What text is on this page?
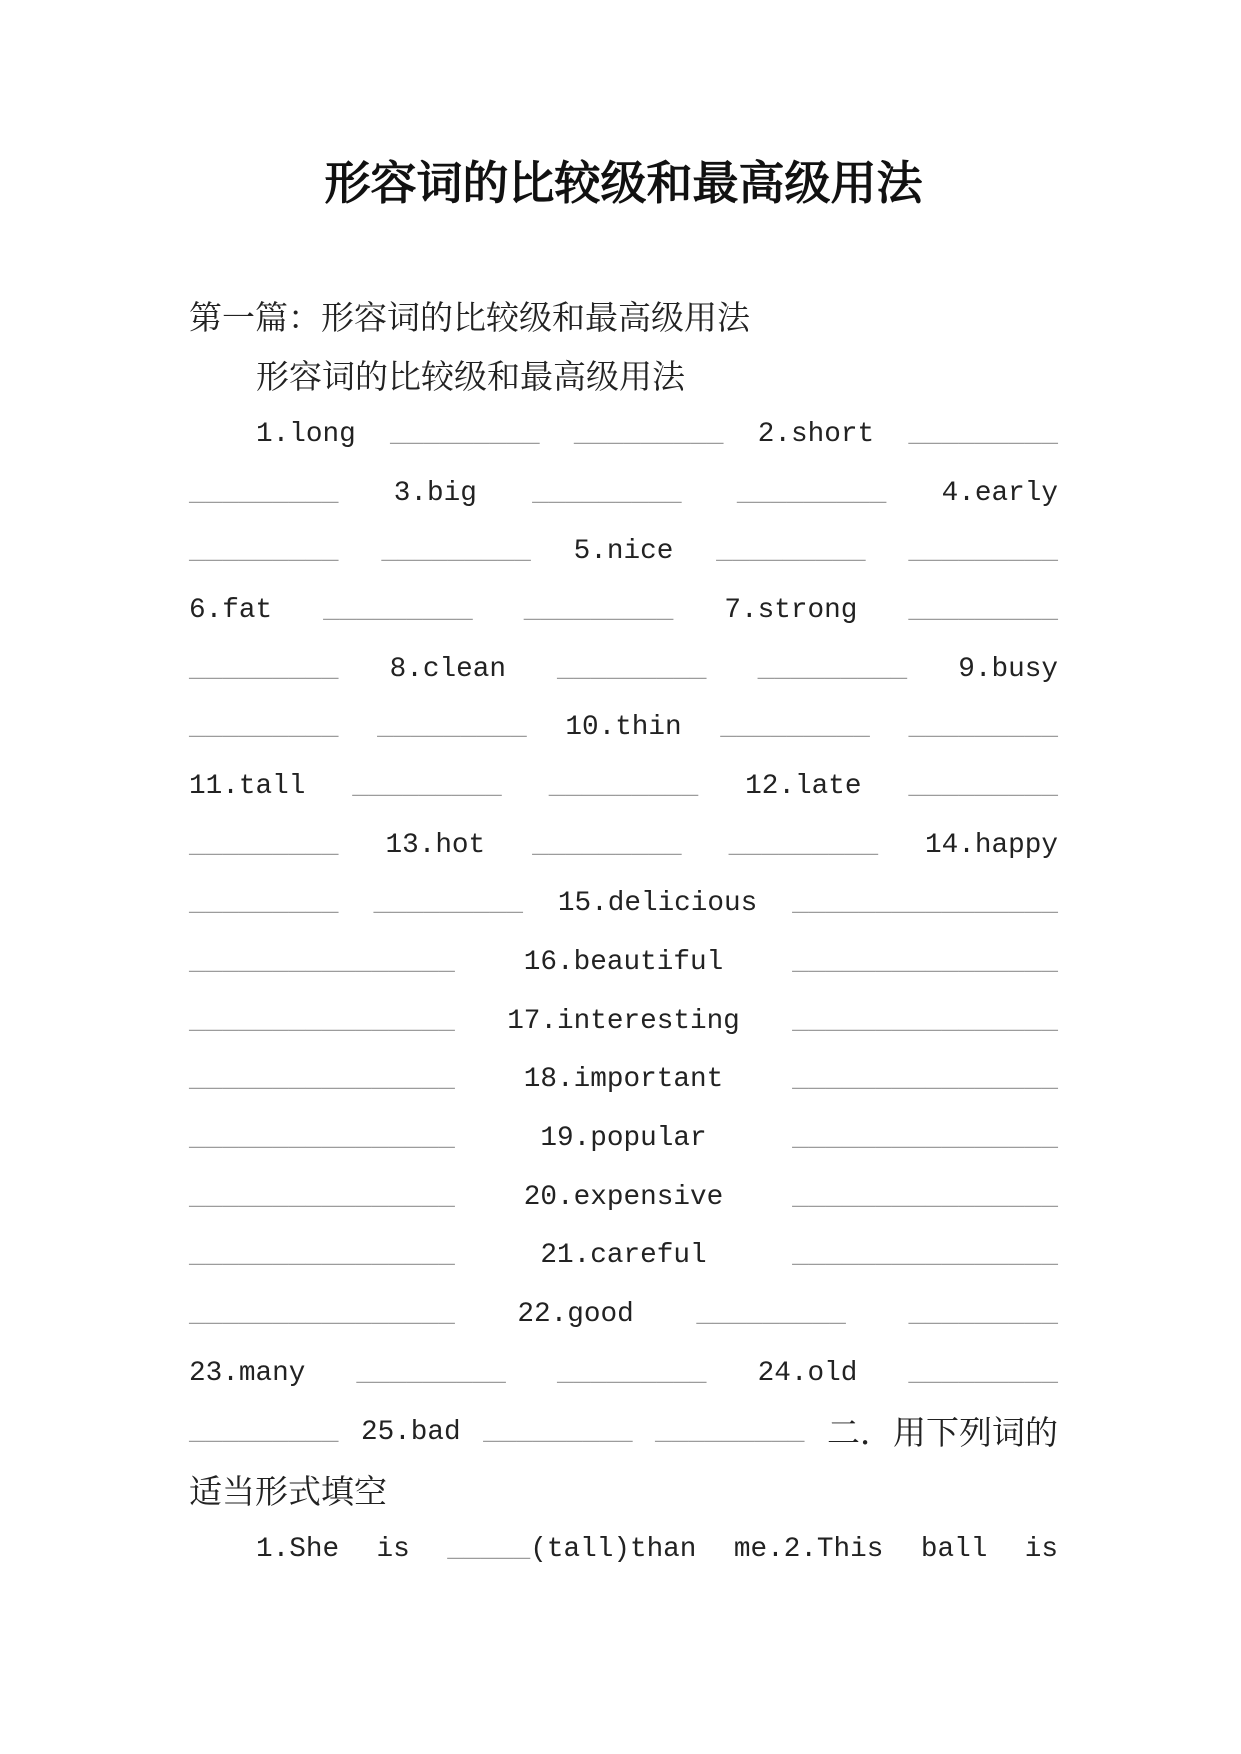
形容词的比较级和最高级用法
第一篇：形容词的比较级和最高级用法
形容词的比较级和最高级用法
1.long _________ _________ 2.short _________
_________ 3.big _________ _________ 4.early
_________ _________ 5.nice _________ _________
6.fat _________ _________ 7.strong _________
_________ 8.clean _________ _________ 9.busy
_________ _________ 10.thin _________ _________
11.tall _________ _________ 12.late _________
_________ 13.hot _________ _________ 14.happy
_________ _________ 15.delicious ________________
________________ 16.beautiful ________________
________________ 17.interesting ________________
________________ 18.important ________________
________________	19.popular	________________
________________ 20.expensive ________________
________________	21.careful	________________
________________ 22.good _________ _________
23.many _________ _________ 24.old _________
_________ 25.bad _________ _________ 二．用下列词的
适当形式填空
1.She is _____ (tall)than me.2.This ball is
